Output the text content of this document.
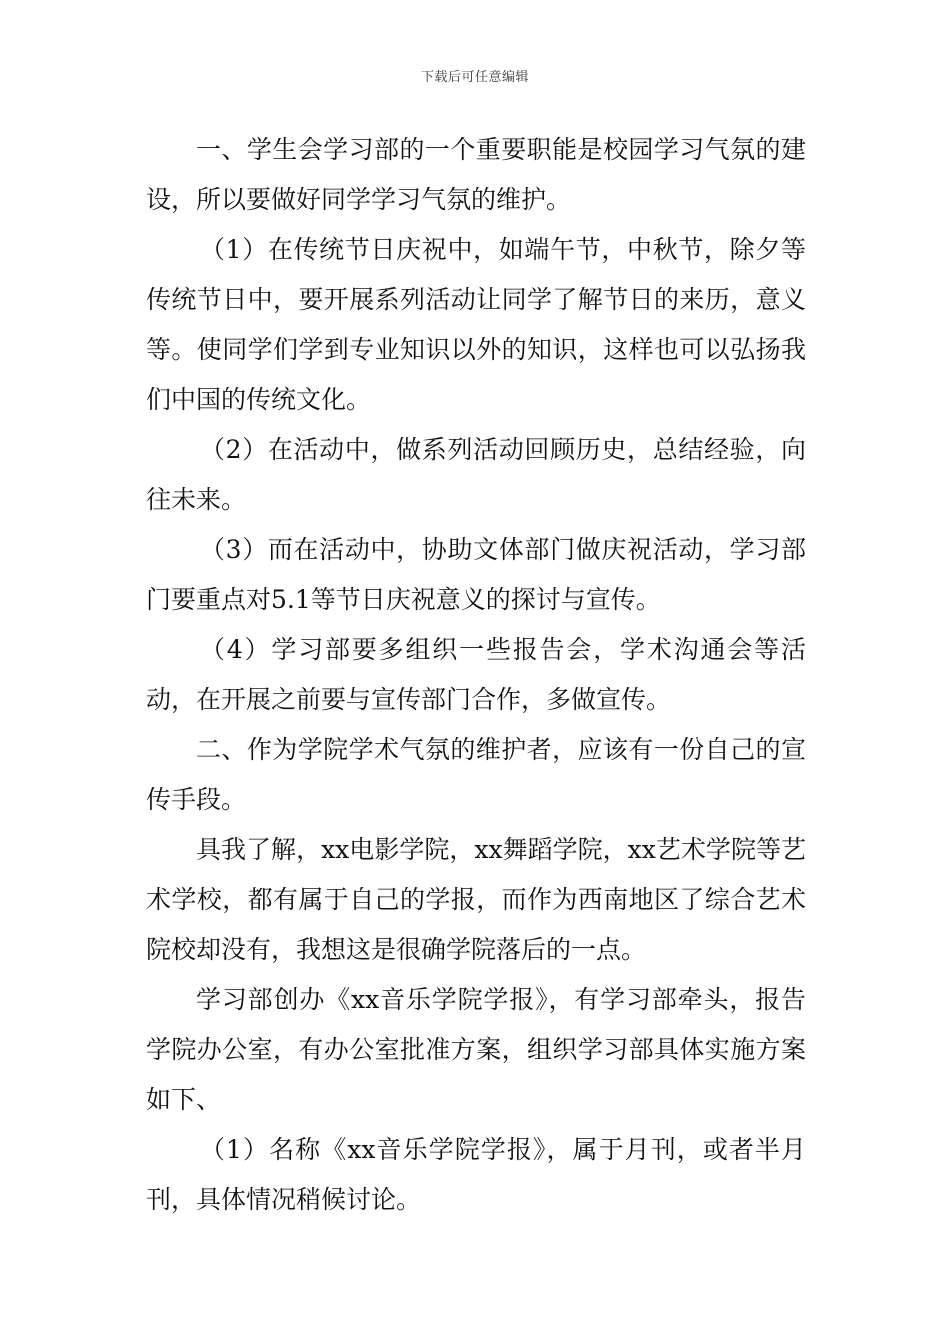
下载后可任意编辑

一、学生会学习部的一个重要职能是校园学习气氛的建设，所以要做好同学学习气氛的维护。

（1）在传统节日庆祝中，如端午节，中秋节，除夕等传统节日中，要开展系列活动让同学了解节日的来历，意义等。使同学们学到专业知识以外的知识，这样也可以弘扬我们中国的传统文化。

（2）在活动中，做系列活动回顾历史，总结经验，向往未来。

（3）而在活动中，协助文体部门做庆祝活动，学习部门要重点对5.1等节日庆祝意义的探讨与宣传。

（4）学习部要多组织一些报告会，学术沟通会等活动，在开展之前要与宣传部门合作，多做宣传。

二、作为学院学术气氛的维护者，应该有一份自己的宣传手段。

具我了解，xx电影学院，xx舞蹈学院，xx艺术学院等艺术学校，都有属于自己的学报，而作为西南地区了综合艺术院校却没有，我想这是很确学院落后的一点。

学习部创办《xx音乐学院学报》，有学习部牵头，报告学院办公室，有办公室批准方案，组织学习部具体实施方案如下、

（1）名称《xx音乐学院学报》，属于月刊，或者半月刊，具体情况稍候讨论。
